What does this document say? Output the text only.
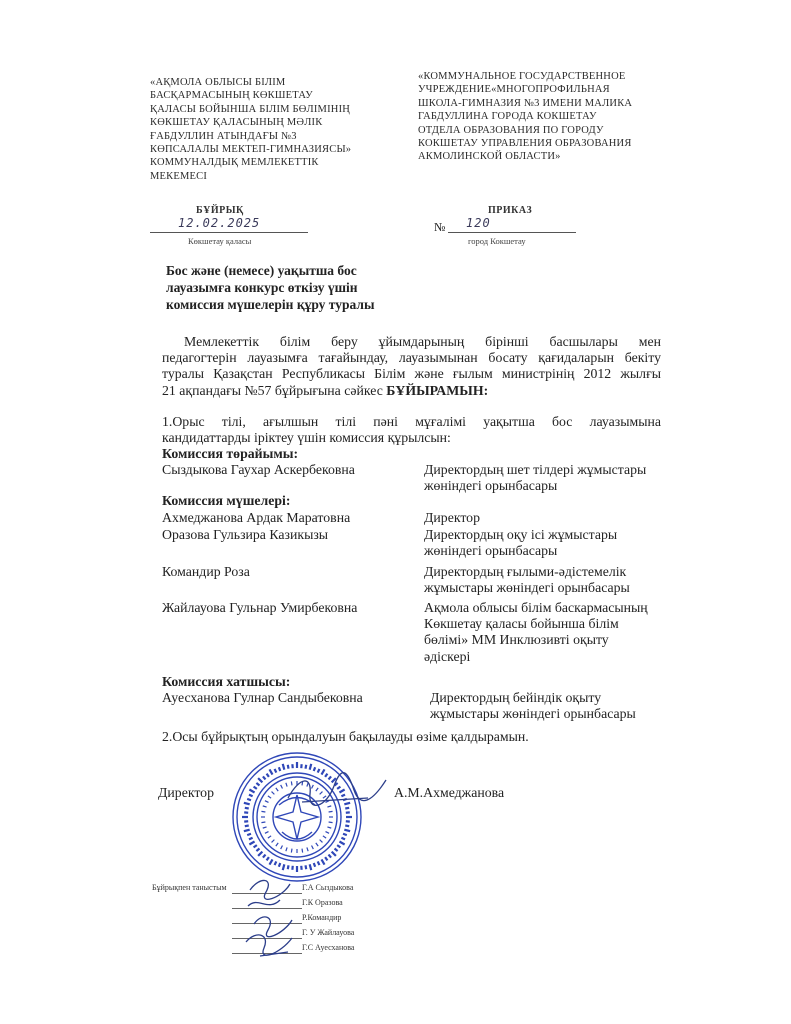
«АҚМОЛА ОБЛЫСЫ БІЛІМ
БАСҚАРМАСЫНЫҢ КӨКШЕТАУ
ҚАЛАСЫ БОЙЫНША БІЛІМ БӨЛІМІНІҢ
КӨКШЕТАУ ҚАЛАСЫНЫҢ МӘЛІК
ҒАБДУЛЛИН АТЫНДАҒЫ №3
КӨПСАЛАЛЫ МЕКТЕП-ГИМНАЗИЯСЫ»
КОММУНАЛДЫҚ МЕМЛЕКЕТТІК
МЕКЕМЕСІ
«КОММУНАЛЬНОЕ ГОСУДАРСТВЕННОЕ
УЧРЕЖДЕНИЕ«МНОГОПРОФИЛЬНАЯ
ШКОЛА-ГИМНАЗИЯ №3 ИМЕНИ МАЛИКА
ГАБДУЛЛИНА ГОРОДА КОКШЕТАУ
ОТДЕЛА ОБРАЗОВАНИЯ ПО ГОРОДУ
КОКШЕТАУ УПРАВЛЕНИЯ ОБРАЗОВАНИЯ
АКМОЛИНСКОЙ ОБЛАСТИ»
БҰЙРЫҚ
12.02.2025
Көкшетау қаласы
ПРИКАЗ
№ 120
город Кокшетау
Бос және (немесе) уақытша бос
лауазымға конкурс өткізу үшін
комиссия мүшелерін құру туралы
Мемлекеттік білім беру ұйымдарының бірінші басшылары мен
педагогтерін лауазымға тағайындау, лауазымынан босату қағидаларын бекіту
туралы Қазақстан Республикасы Білім және ғылым министрінің 2012 жылғы
21 ақпандағы №57 бұйрығына сәйкес БҰЙЫРАМЫН:
1.Орыс тілі, ағылшын тілі пәні мұғалімі уақытша бос лауазымына
кандидаттарды іріктеу үшін комиссия құрылсын:
Комиссия төрайымы:
Сыздыкова Гаухар Аскербековна	Директордың шет тілдері жұмыстары
жөніндегі орынбасары
Комиссия мүшелері:
Ахмеджанова Ардак Маратовна	Директор
Оразова Гульзира Казикызы	Директордың оқу ісі жұмыстары
жөніндегі орынбасары
Командир Роза	Директордың ғылыми-әдістемелік
жұмыстары жөніндегі орынбасары
Жайлауова Гульнар Умирбековна	Ақмола облысы білім баскармасының
Көкшетау қаласы бойынша білім
бөлімі» ММ Инклюзивті оқыту
әдіскері
Комиссия хатшысы:
Ауесханова Гулнар Сандыбековна	Директордың бейіндік оқыту
жұмыстары жөніндегі орынбасары
2.Осы бұйрықтың орындалуын бақылауды өзіме қалдырамын.
Директор	А.М.Ахмеджанова
Бұйрықпен таныстым	Г.А Сыздыкова
Г.К Оразова
Р.Командир
Г. У Жайлауова
Г.С Ауесханова
